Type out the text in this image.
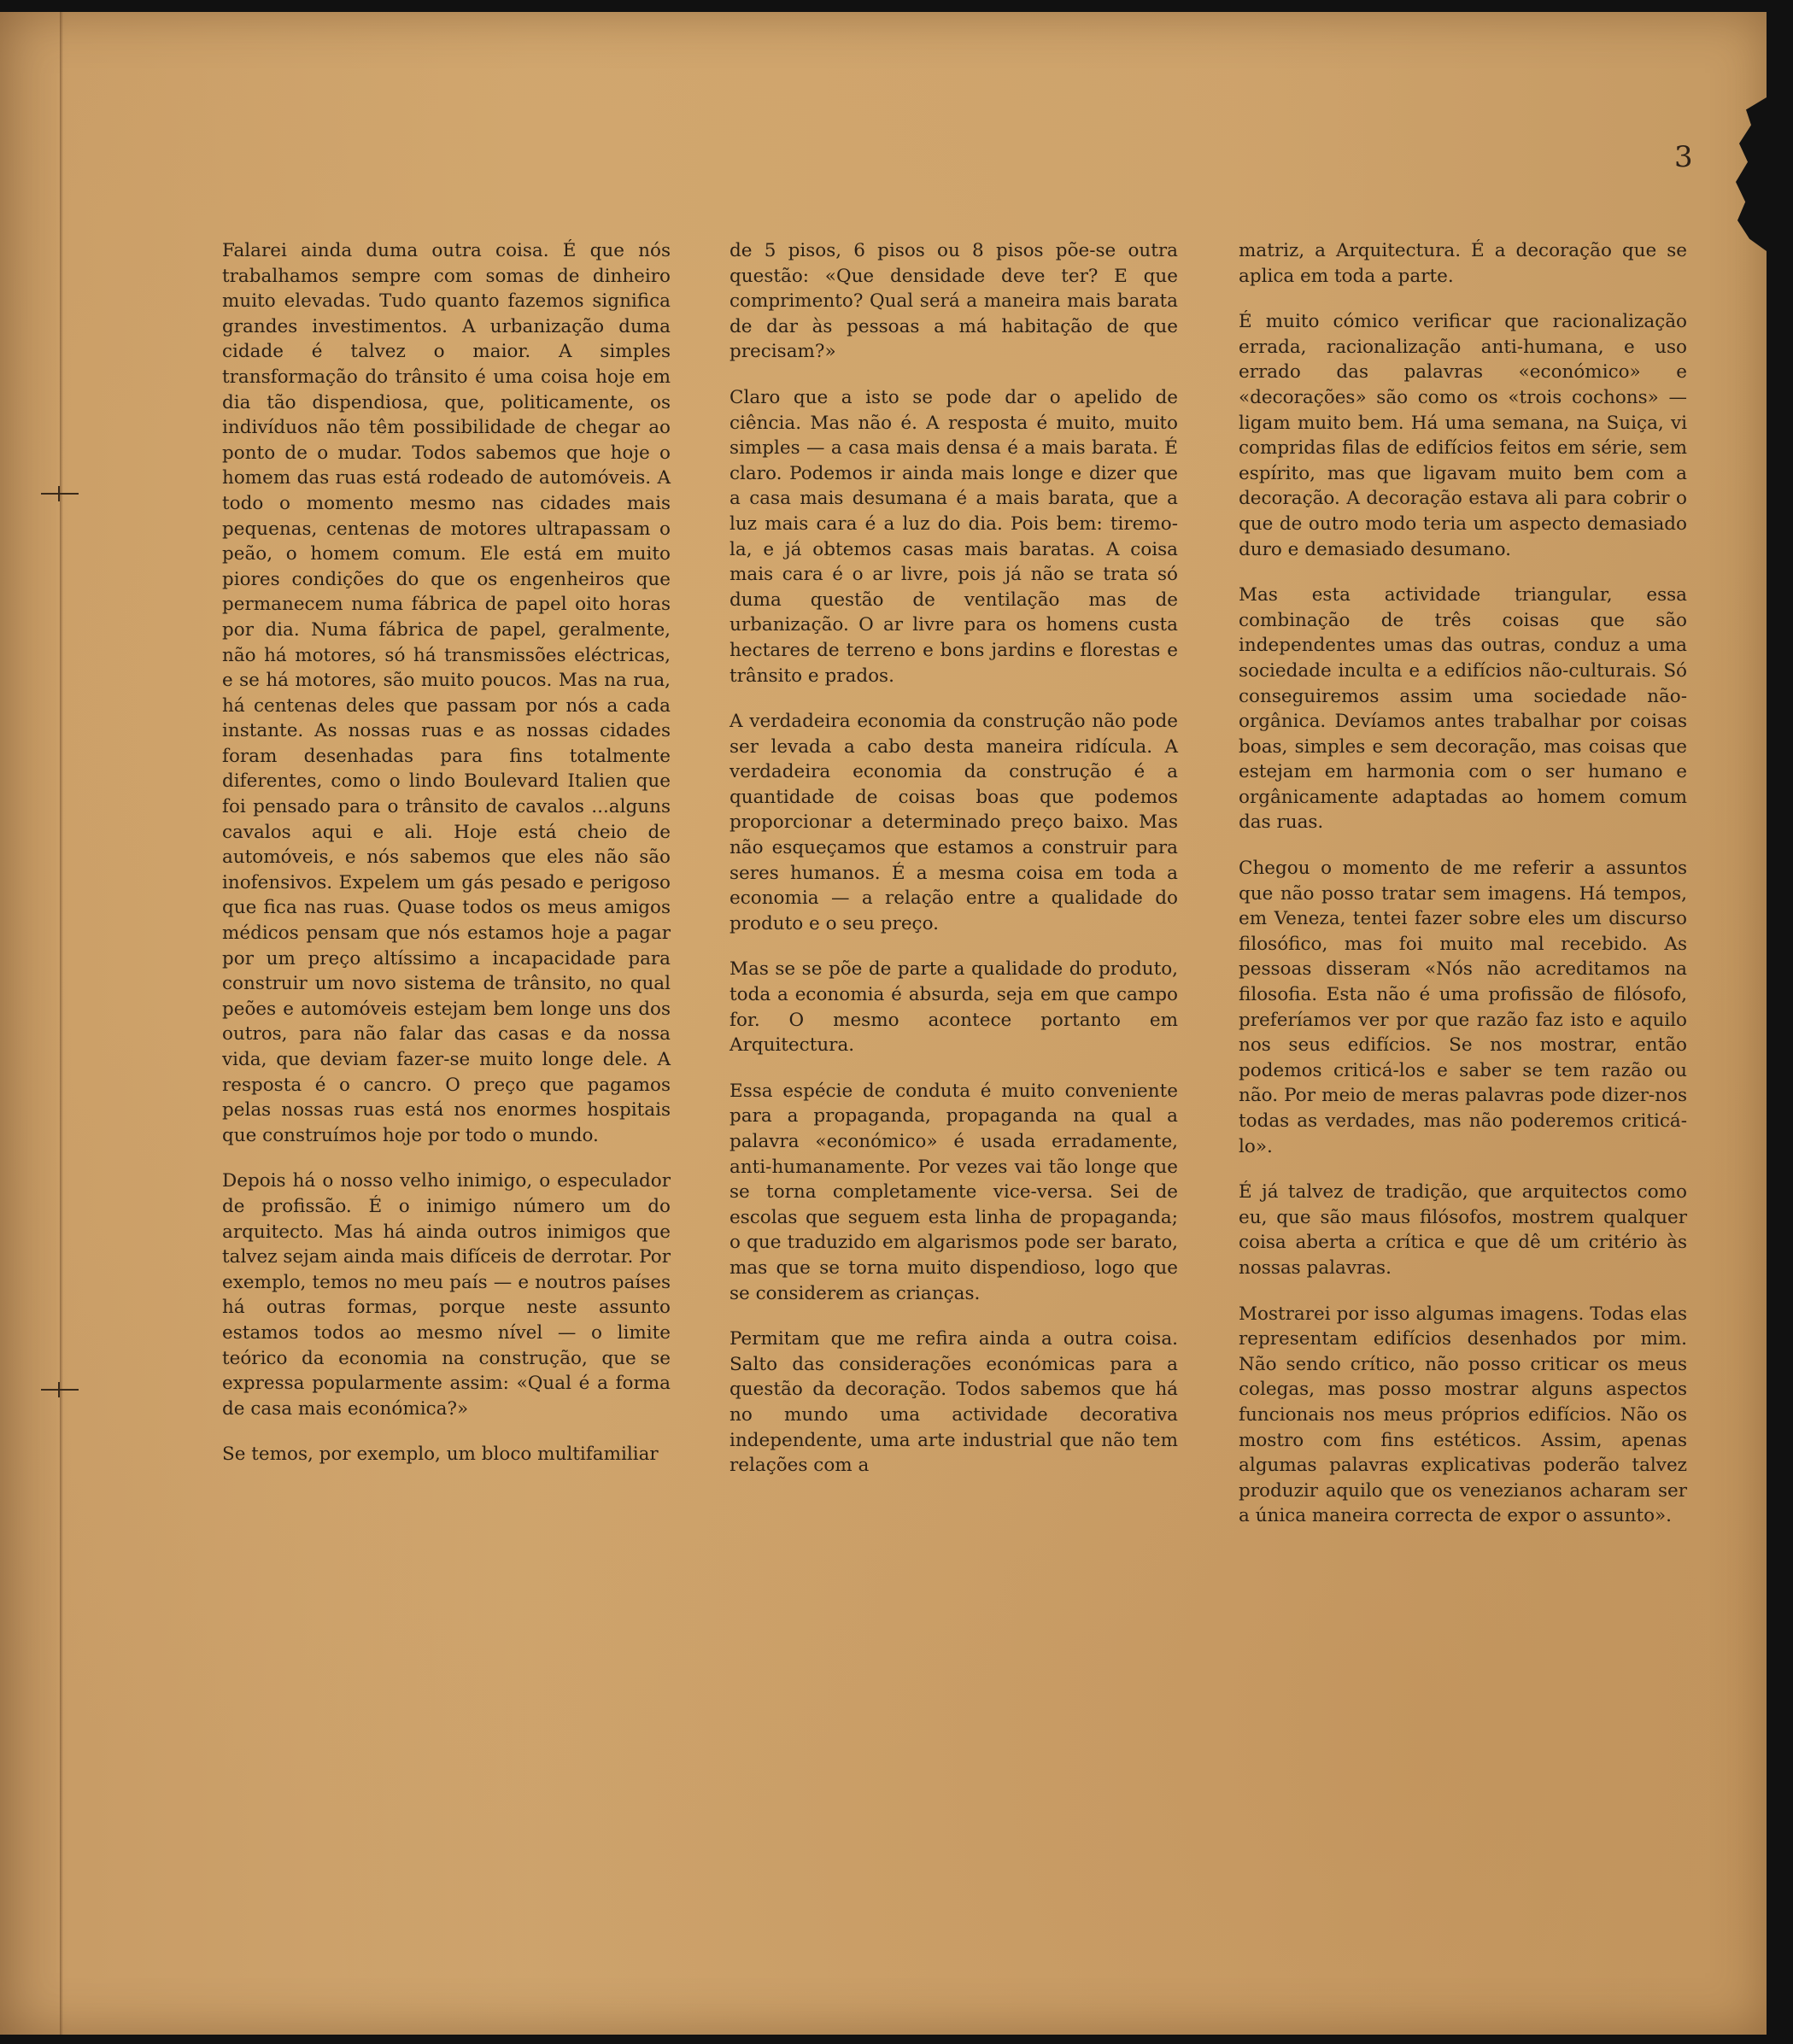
3

Falarei ainda duma outra coisa. É que nós trabalhamos sempre com somas de dinheiro muito elevadas. Tudo quanto fazemos significa grandes investimentos. A urbanização duma cidade é talvez o maior. A simples transformação do trânsito é uma coisa hoje em dia tão dispendiosa, que, politicamente, os indivíduos não têm possibilidade de chegar ao ponto de o mudar. Todos sabemos que hoje o homem das ruas está rodeado de automóveis. A todo o momento mesmo nas cidades mais pequenas, centenas de motores ultrapassam o peão, o homem comum. Ele está em muito piores condições do que os engenheiros que permanecem numa fábrica de papel oito horas por dia. Numa fábrica de papel, geralmente, não há motores, só há transmissões eléctricas, e se há motores, são muito poucos. Mas na rua, há centenas deles que passam por nós a cada instante. As nossas ruas e as nossas cidades foram desenhadas para fins totalmente diferentes, como o lindo Boulevard Italien que foi pensado para o trânsito de cavalos ...alguns cavalos aqui e ali. Hoje está cheio de automóveis, e nós sabemos que eles não são inofensivos. Expelem um gás pesado e perigoso que fica nas ruas. Quase todos os meus amigos médicos pensam que nós estamos hoje a pagar por um preço altíssimo a incapacidade para construir um novo sistema de trânsito, no qual peões e automóveis estejam bem longe uns dos outros, para não falar das casas e da nossa vida, que deviam fazer-se muito longe dele. A resposta é o cancro. O preço que pagamos pelas nossas ruas está nos enormes hospitais que construímos hoje por todo o mundo.

Depois há o nosso velho inimigo, o especulador de profissão. É o inimigo número um do arquitecto. Mas há ainda outros inimigos que talvez sejam ainda mais difíceis de derrotar. Por exemplo, temos no meu país — e noutros países há outras formas, porque neste assunto estamos todos ao mesmo nível — o limite teórico da economia na construção, que se expressa popularmente assim: «Qual é a forma de casa mais económica?»

Se temos, por exemplo, um bloco multifamiliar

de 5 pisos, 6 pisos ou 8 pisos põe-se outra questão: «Que densidade deve ter? E que comprimento? Qual será a maneira mais barata de dar às pessoas a má habitação de que precisam?»

Claro que a isto se pode dar o apelido de ciência. Mas não é. A resposta é muito, muito simples — a casa mais densa é a mais barata. É claro. Podemos ir ainda mais longe e dizer que a casa mais desumana é a mais barata, que a luz mais cara é a luz do dia. Pois bem: tiremo-la, e já obtemos casas mais baratas. A coisa mais cara é o ar livre, pois já não se trata só duma questão de ventilação mas de urbanização. O ar livre para os homens custa hectares de terreno e bons jardins e florestas e trânsito e prados.

A verdadeira economia da construção não pode ser levada a cabo desta maneira ridícula. A verdadeira economia da construção é a quantidade de coisas boas que podemos proporcionar a determinado preço baixo. Mas não esqueçamos que estamos a construir para seres humanos. É a mesma coisa em toda a economia — a relação entre a qualidade do produto e o seu preço.

Mas se se põe de parte a qualidade do produto, toda a economia é absurda, seja em que campo for. O mesmo acontece portanto em Arquitectura.

Essa espécie de conduta é muito conveniente para a propaganda, propaganda na qual a palavra «económico» é usada erradamente, anti-humanamente. Por vezes vai tão longe que se torna completamente vice-versa. Sei de escolas que seguem esta linha de propaganda; o que traduzido em algarismos pode ser barato, mas que se torna muito dispendioso, logo que se considerem as crianças.

Permitam que me refira ainda a outra coisa. Salto das considerações económicas para a questão da decoração. Todos sabemos que há no mundo uma actividade decorativa independente, uma arte industrial que não tem relações com a

matriz, a Arquitectura. É a decoração que se aplica em toda a parte.

É muito cómico verificar que racionalização errada, racionalização anti-humana, e uso errado das palavras «económico» e «decorações» são como os «trois cochons» — ligam muito bem. Há uma semana, na Suiça, vi compridas filas de edifícios feitos em série, sem espírito, mas que ligavam muito bem com a decoração. A decoração estava ali para cobrir o que de outro modo teria um aspecto demasiado duro e demasiado desumano.

Mas esta actividade triangular, essa combinação de três coisas que são independentes umas das outras, conduz a uma sociedade inculta e a edifícios não-culturais. Só conseguiremos assim uma sociedade não-orgânica. Devíamos antes trabalhar por coisas boas, simples e sem decoração, mas coisas que estejam em harmonia com o ser humano e orgânicamente adaptadas ao homem comum das ruas.

Chegou o momento de me referir a assuntos que não posso tratar sem imagens. Há tempos, em Veneza, tentei fazer sobre eles um discurso filosófico, mas foi muito mal recebido. As pessoas disseram «Nós não acreditamos na filosofia. Esta não é uma profissão de filósofo, preferíamos ver por que razão faz isto e aquilo nos seus edifícios. Se nos mostrar, então podemos criticá-los e saber se tem razão ou não. Por meio de meras palavras pode dizer-nos todas as verdades, mas não poderemos criticá-lo».

É já talvez de tradição, que arquitectos como eu, que são maus filósofos, mostrem qualquer coisa aberta a crítica e que dê um critério às nossas palavras.

Mostrarei por isso algumas imagens. Todas elas representam edifícios desenhados por mim. Não sendo crítico, não posso criticar os meus colegas, mas posso mostrar alguns aspectos funcionais nos meus próprios edifícios. Não os mostro com fins estéticos. Assim, apenas algumas palavras explicativas poderão talvez produzir aquilo que os venezianos acharam ser a única maneira correcta de expor o assunto».
